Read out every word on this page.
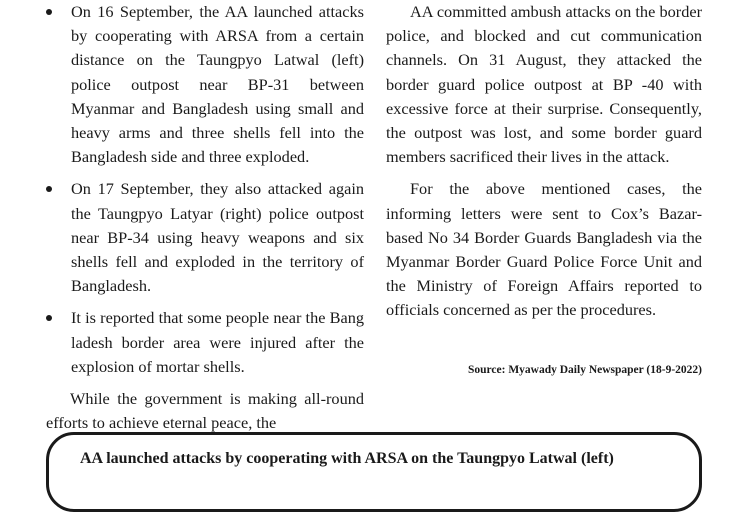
On 16 September, the AA launched attacks by cooperating with ARSA from a certain distance on the Taungpyo Latwal (left) police outpost near BP-31 between Myanmar and Bangladesh using small and heavy arms and three shells fell into the Bangladesh side and three exploded.
On 17 September, they also attacked again the Taungpyo Latyar (right) police outpost near BP-34 using heavy weapons and six shells fell and exploded in the territory of Bangladesh.
It is reported that some people near the Bang ladesh border area were injured after the explosion of mortar shells.

While the government is making all-round efforts to achieve eternal peace, the

AA committed ambush attacks on the border police, and blocked and cut communication channels. On 31 August, they attacked the border guard police outpost at BP -40 with excessive force at their surprise. Consequently, the outpost was lost, and some border guard members sacrificed their lives in the attack.

For the above mentioned cases, the informing letters were sent to Cox’s Bazar-based No 34 Border Guards Bangladesh via the Myanmar Border Guard Police Force Unit and the Ministry of Foreign Affairs reported to officials concerned as per the procedures.

Source: Myawady Daily Newspaper (18-9-2022)
AA launched attacks by cooperating with ARSA on the Taungpyo Latwal (left)
